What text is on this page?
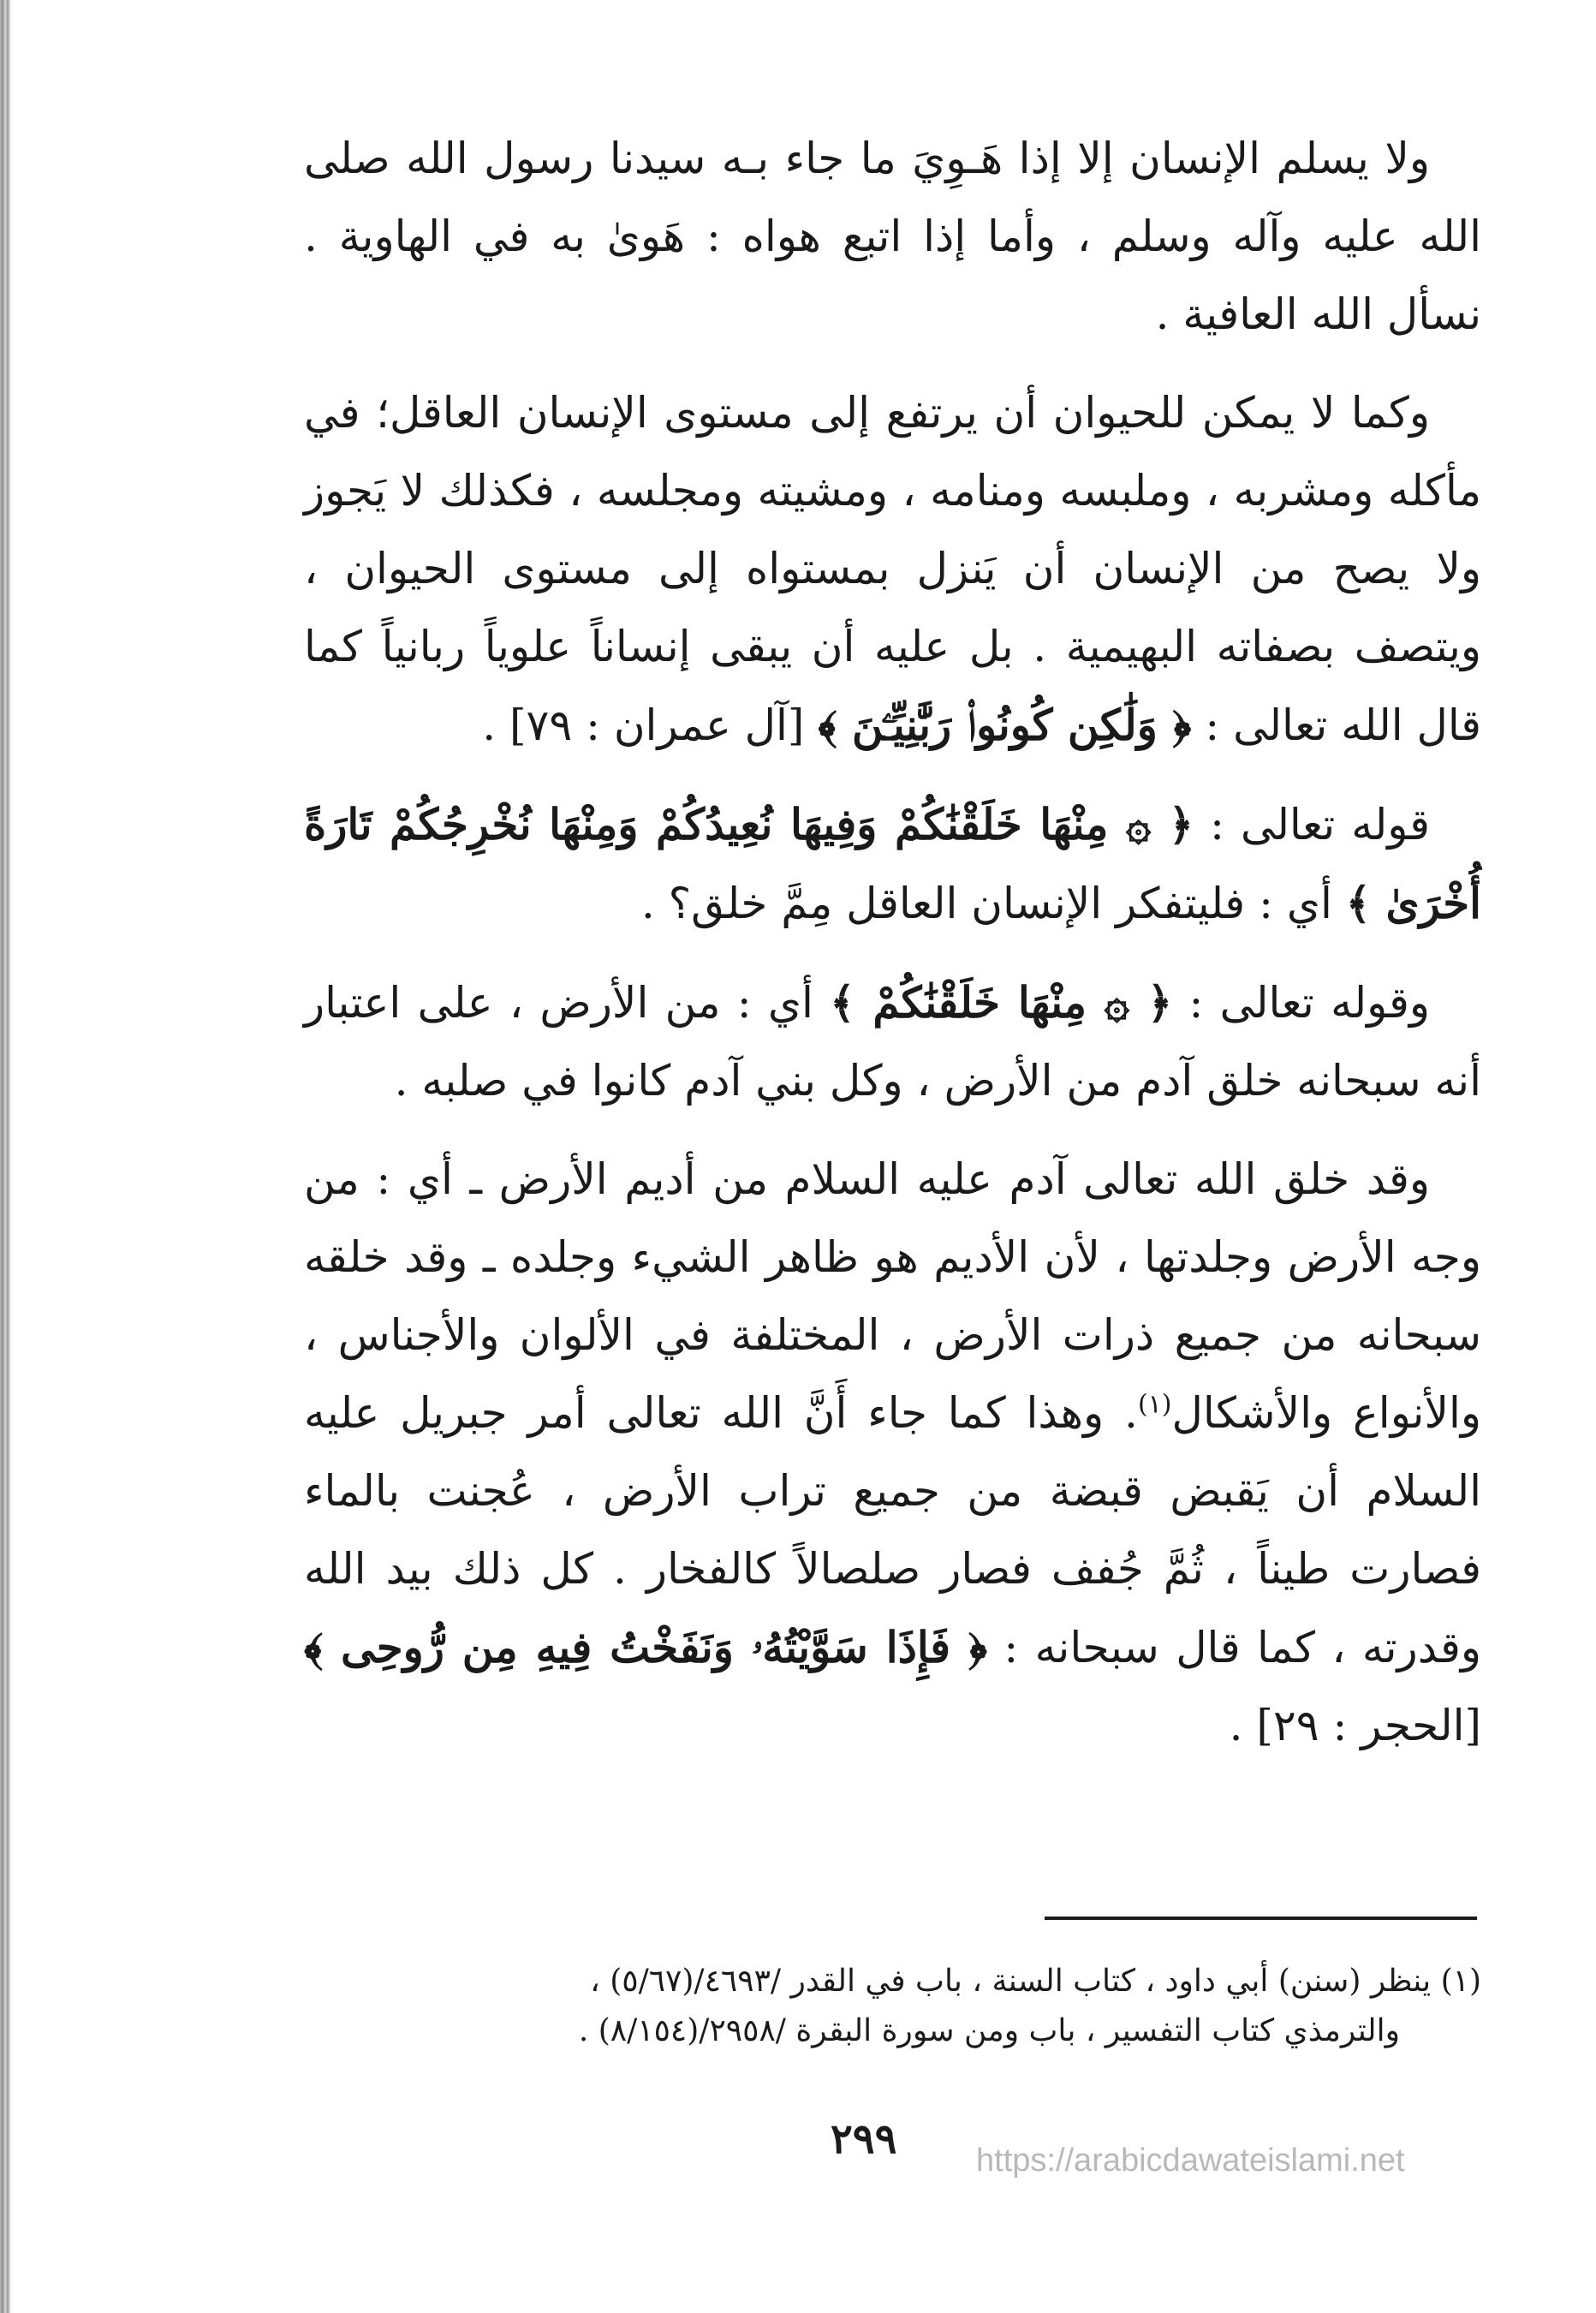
ولا يسلم الإنسان إلا إذا هَـوِيَ ما جاء بـه سيدنا رسول الله صلى الله عليه وآله وسلم ، وأما إذا اتبع هواه : هَوىٰ به في الهاوية . نسأل الله العافية .

وكما لا يمكن للحيوان أن يرتفع إلى مستوى الإنسان العاقل؛ في مأكله ومشربه ، وملبسه ومنامه ، ومشيته ومجلسه ، فكذلك لا يَجوز ولا يصح من الإنسان أن يَنزل بمستواه إلى مستوى الحيوان ، ويتصف بصفاته البهيمية . بل عليه أن يبقى إنساناً علوياً ربانياً كما قال الله تعالى : ﴿ وَلَٰكِن كُونُوا۟ رَبَّٰنِيِّـۧنَ ﴾ [آل عمران : ٧٩] .

قوله تعالى : ﴿ ۞ مِنْهَا خَلَقْنَٰكُمْ وَفِيهَا نُعِيدُكُمْ وَمِنْهَا نُخْرِجُكُمْ تَارَةً أُخْرَىٰ ﴾ أي : فليتفكر الإنسان العاقل مِمَّ خلق؟ .

وقوله تعالى : ﴿ ۞ مِنْهَا خَلَقْنَٰكُمْ ﴾ أي : من الأرض ، على اعتبار أنه سبحانه خلق آدم من الأرض ، وكل بني آدم كانوا في صلبه .

وقد خلق الله تعالى آدم عليه السلام من أديم الأرض ـ أي : من وجه الأرض وجلدتها ، لأن الأديم هو ظاهر الشيء وجلده ـ وقد خلقه سبحانه من جميع ذرات الأرض ، المختلفة في الألوان والأجناس ، والأنواع والأشكال$^{(١)}$. وهذا كما جاء أَنَّ الله تعالى أمر جبريل عليه السلام أن يَقبض قبضة من جميع تراب الأرض ، عُجنت بالماء فصارت طيناً ، ثُمَّ جُفف فصار صلصالاً كالفخار . كل ذلك بيد الله وقدرته ، كما قال سبحانه : ﴿ فَإِذَا سَوَّيْتُهُۥ وَنَفَخْتُ فِيهِ مِن رُّوحِى ﴾ [الحجر : ٢٩] .

(١) ينظر (سنن) أبي داود ، كتاب السنة ، باب في القدر /٤٦٩٣/(٥/٦٧) ،
والترمذي كتاب التفسير ، باب ومن سورة البقرة /٢٩٥٨/(٨/١٥٤) .

٢٩٩ https://arabicdawateislami.net
